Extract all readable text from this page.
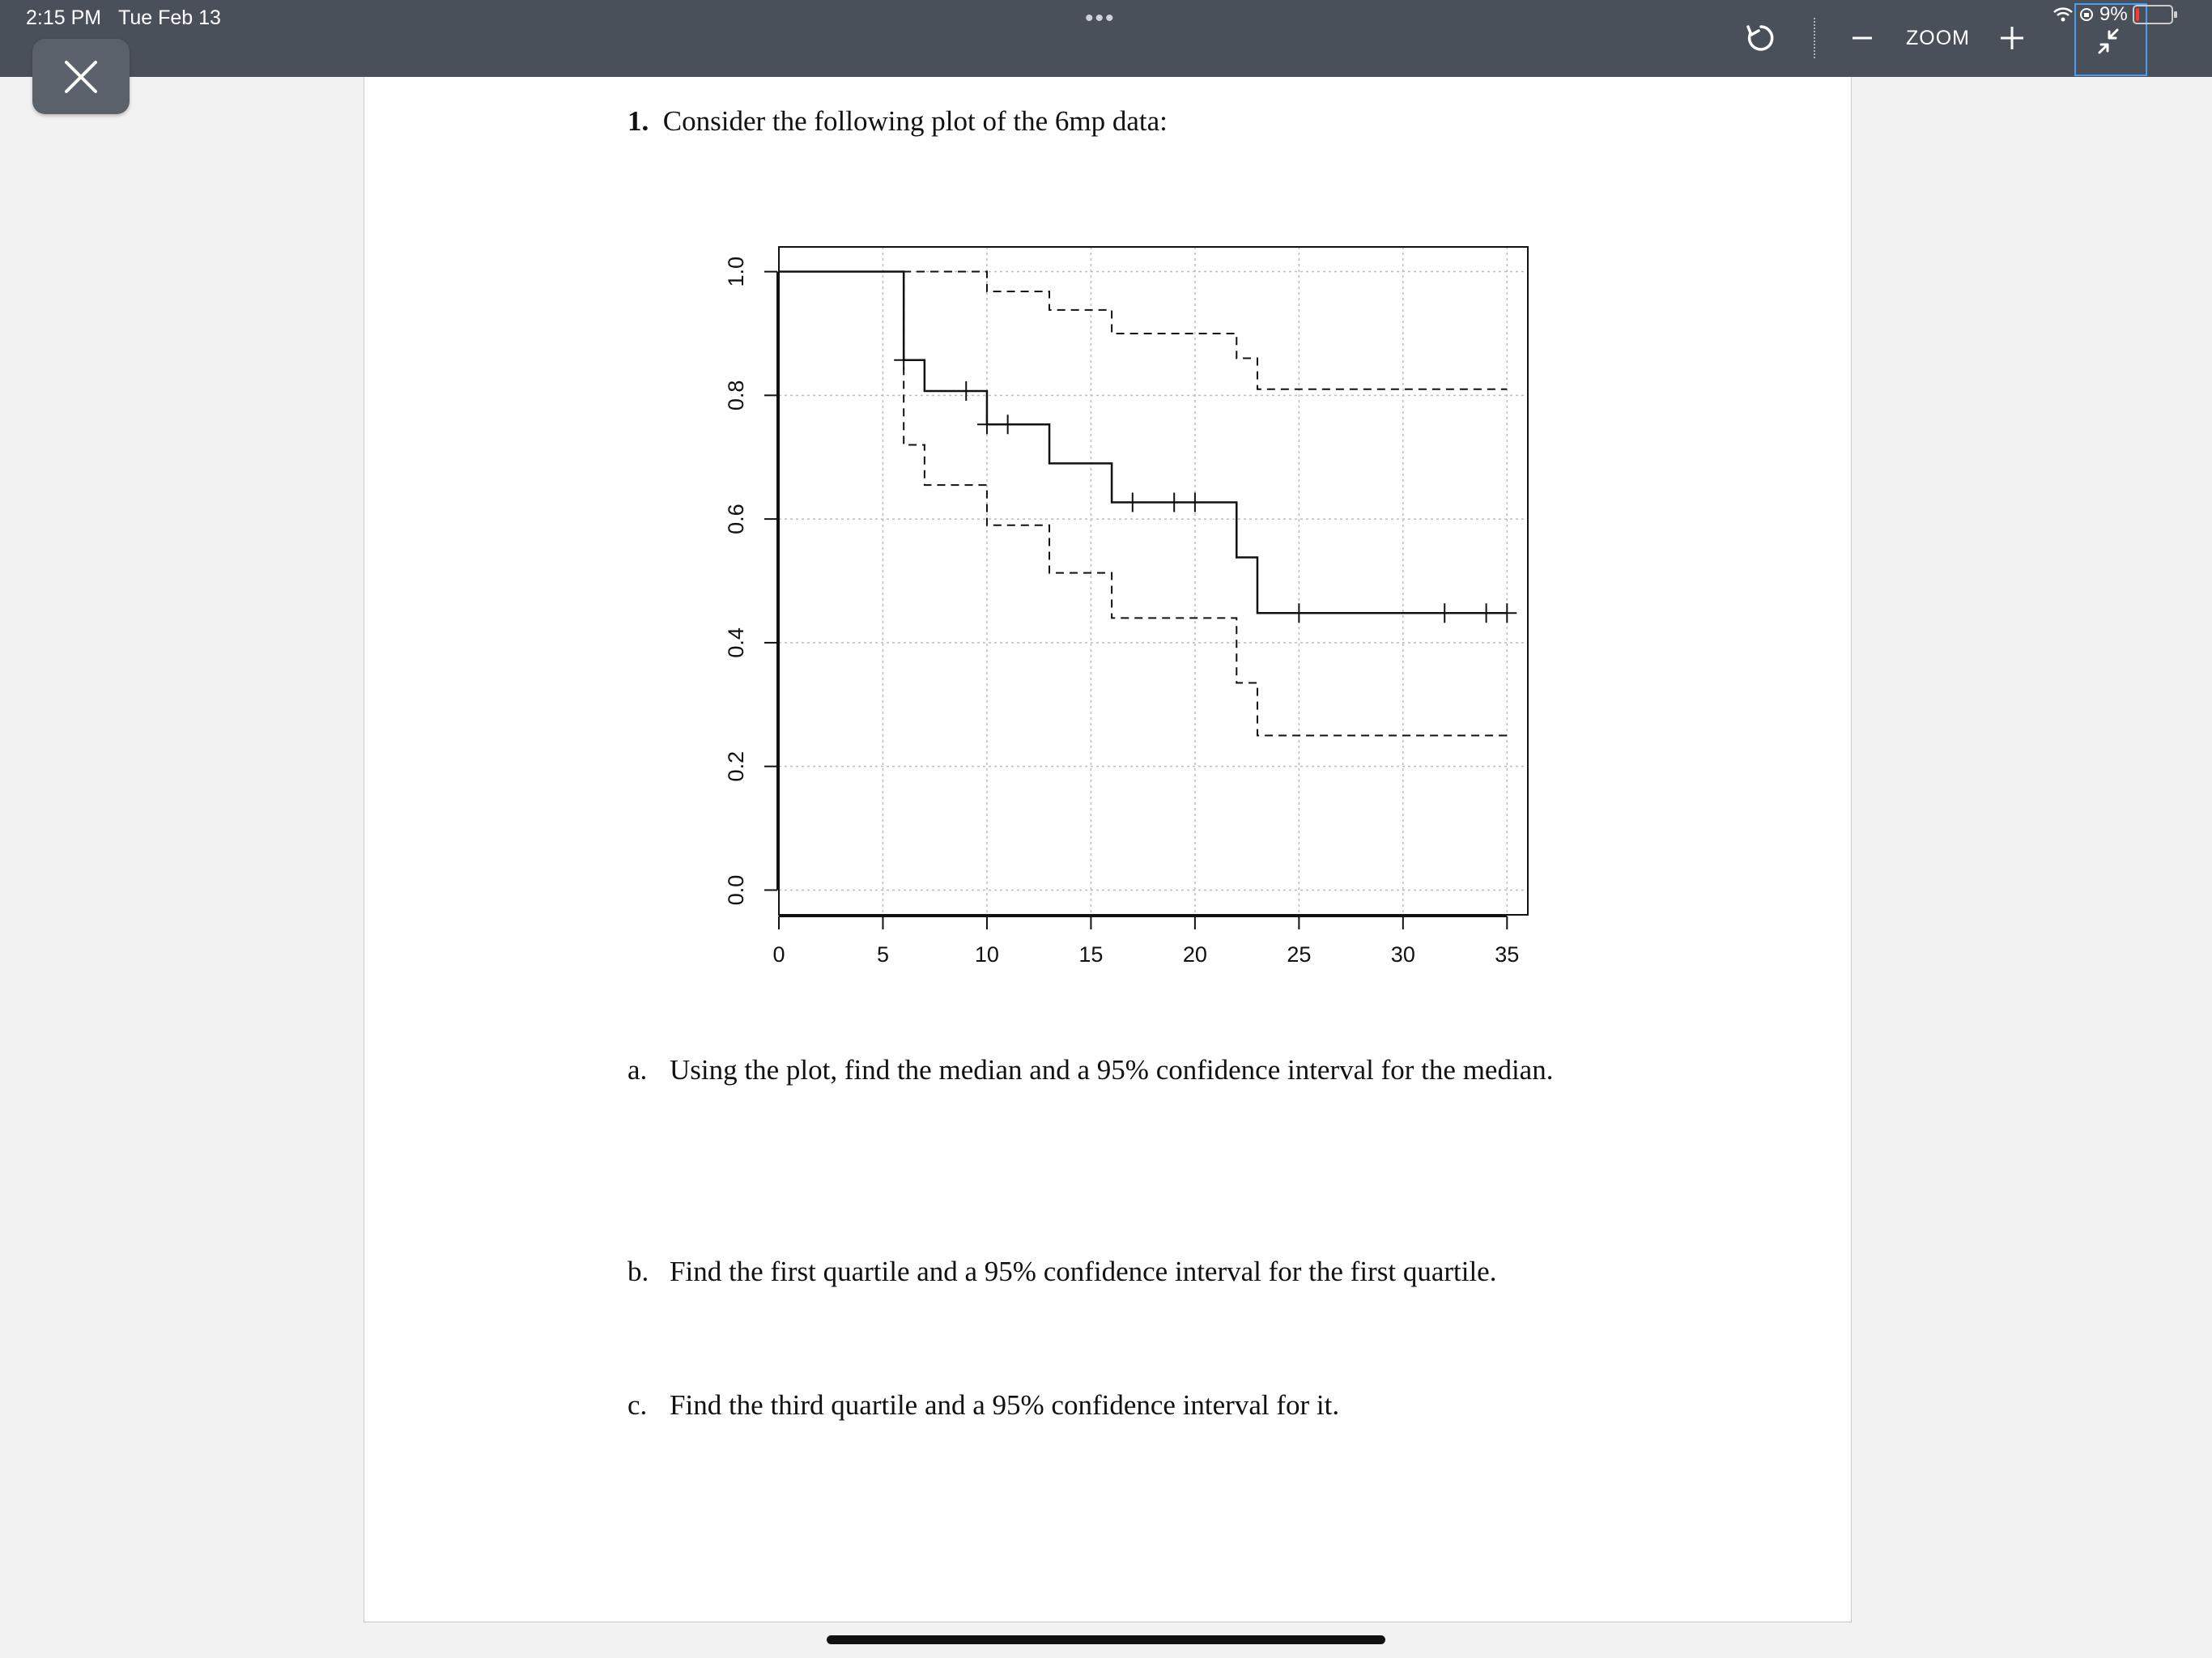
2:15 PM Tue Feb 13	•••
ZOOM
9%
1. Consider the following plot of the 6mp data:
0	5	10	15	20	25	30	35
0.0
0.2
0.4
0.6
0.8
1.0
a. Using the plot, find the median and a 95% confidence interval for the median.
b. Find the first quartile and a 95% confidence interval for the first quartile.
c. Find the third quartile and a 95% confidence interval for it.
